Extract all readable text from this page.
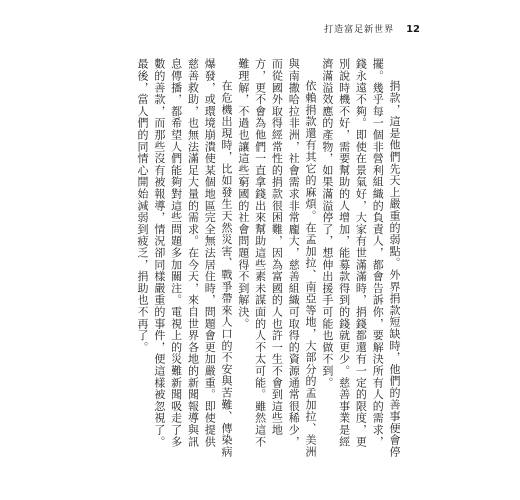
打造富足新世界 12

捐款，這是他們先天上嚴重的弱點。外界捐款短缺時，他們的善事便會停擺。幾乎每一個非營利組織的負責人，都會告訴你，要解決所有人的需求，錢永遠不夠。即使在景氣好，大家有世滿滿時，捐錢都還有一定的限度，更別說時機不好，需要幫助的人增加，能募款得到的錢就更少。慈善事業是經濟滿溢效應的產物，如果滿溢停了，想伸出援手可能也做不到。

依賴捐款還有其它的麻煩。在孟加拉、南亞等地，大部分的孟加拉、美洲與南撒哈拉非洲，社會需求非常龐大，慈善組織可取得的資源通常很稀少，而從國外取得經常性的捐款很困難，因為富國的人也許一生不會到這些地方，更不會為他們一直拿錢出來幫助這些素未謀面的人不太可能。雖然這不難理解，不過也讓這些窮國的社會問題得不到解決。

在危機出現時，比如發生天然災害、戰爭帶來人口的不安與苦難、傳染病爆發，或環境崩潰使某個地區完全無法居住時，問題會更加嚴重。即使提供慈善救助，也無法滿足大量的需求。在今天，來自世界各地的新聞報導與訊息傳播，都希望人們能夠對這些問題多加關注。電視上的災難新聞吸走了多數的善款，而那些沒有被報導，情況卻同樣嚴重的事件，便這樣被忽視了。最後，當人們的同情心開始減弱到疲乏，捐助也不再了。
